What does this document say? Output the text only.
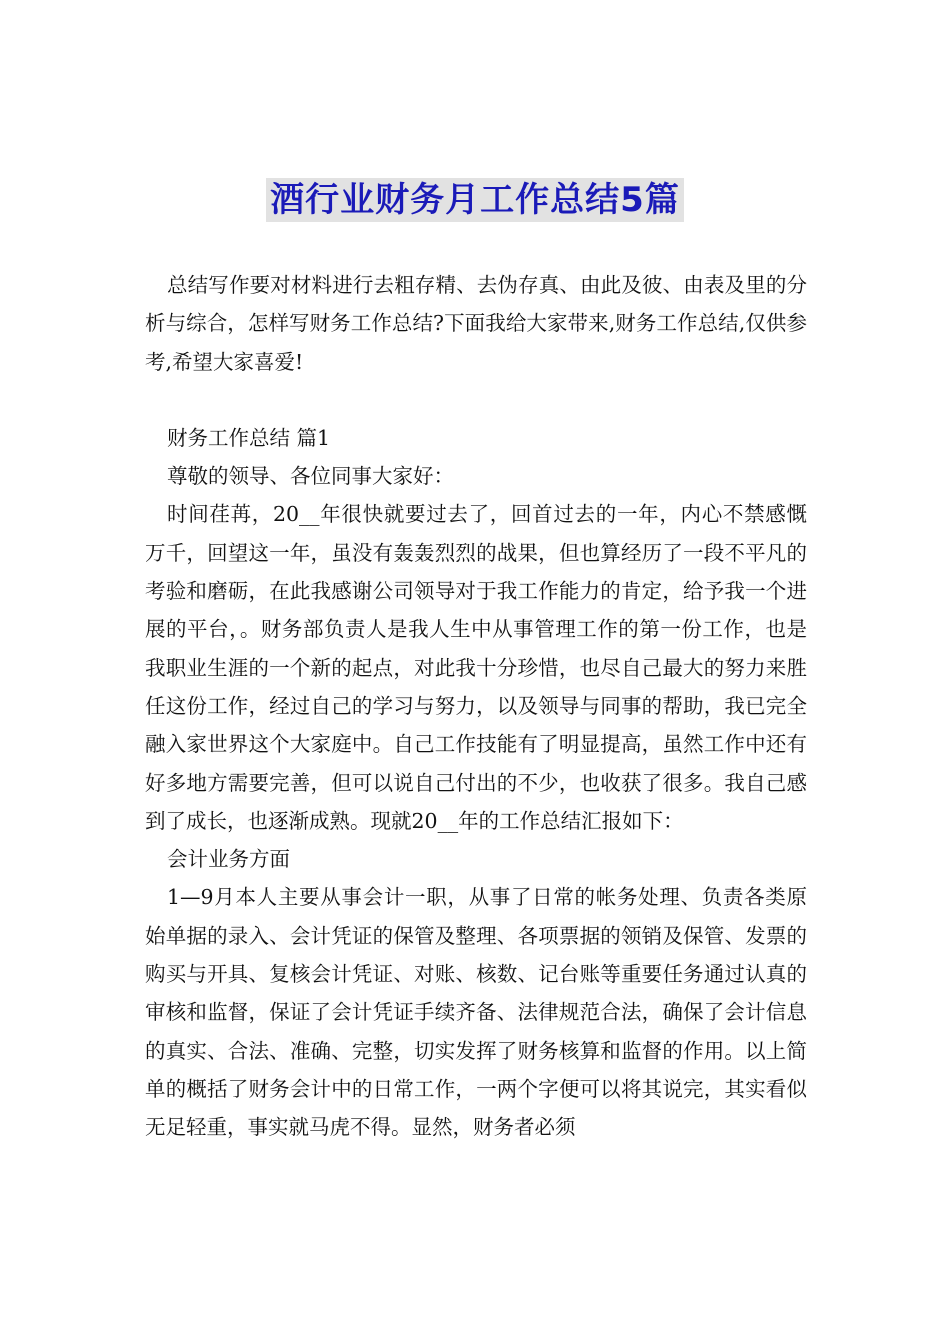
酒行业财务月工作总结5篇

总结写作要对材料进行去粗存精、去伪存真、由此及彼、由表及里的分析与综合，怎样写财务工作总结?下面我给大家带来,财务工作总结,仅供参考,希望大家喜爱!

财务工作总结 篇1

尊敬的领导、各位同事大家好：

时间荏苒，20__年很快就要过去了，回首过去的一年，内心不禁感慨万千，回望这一年，虽没有轰轰烈烈的战果，但也算经历了一段不平凡的考验和磨砺，在此我感谢公司领导对于我工作能力的肯定，给予我一个进展的平台，。财务部负责人是我人生中从事管理工作的第一份工作，也是我职业生涯的一个新的起点，对此我十分珍惜，也尽自己最大的努力来胜任这份工作，经过自己的学习与努力，以及领导与同事的帮助，我已完全融入家世界这个大家庭中。自己工作技能有了明显提高，虽然工作中还有好多地方需要完善，但可以说自己付出的不少，也收获了很多。我自己感到了成长，也逐渐成熟。现就20__年的工作总结汇报如下：

会计业务方面

1—9月本人主要从事会计一职，从事了日常的帐务处理、负责各类原始单据的录入、会计凭证的保管及整理、各项票据的领销及保管、发票的购买与开具、复核会计凭证、对账、核数、记台账等重要任务通过认真的审核和监督，保证了会计凭证手续齐备、法律规范合法，确保了会计信息的真实、合法、准确、完整，切实发挥了财务核算和监督的作用。以上简单的概括了财务会计中的日常工作，一两个字便可以将其说完，其实看似无足轻重，事实就马虎不得。显然，财务者必须
